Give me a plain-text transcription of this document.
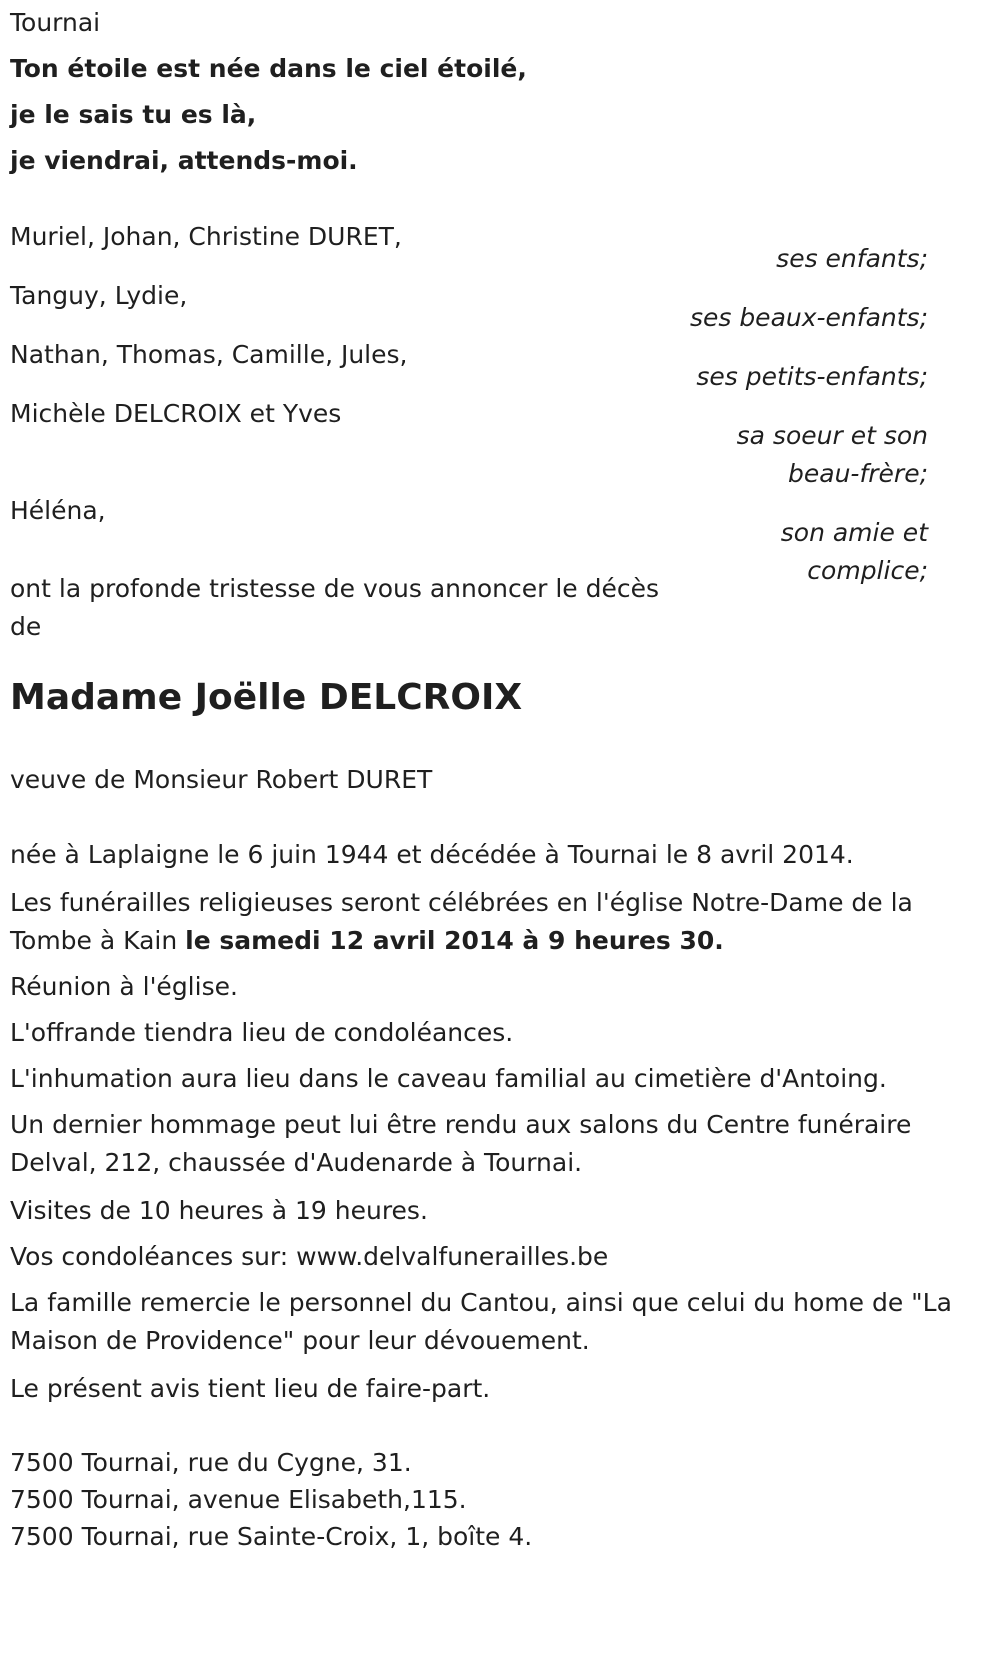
Tournai
Ton étoile est née dans le ciel étoilé,
je le sais tu es là,
je viendrai, attends-moi.
Muriel, Johan, Christine DURET,
ses enfants;
Tanguy, Lydie,
ses beaux-enfants;
Nathan, Thomas, Camille, Jules,
ses petits-enfants;
Michèle DELCROIX et Yves
sa soeur et son
beau-frère;
Héléna,
son amie et
complice;
ont la profonde tristesse de vous annoncer le décès
de
Madame Joëlle DELCROIX
veuve de Monsieur Robert DURET
née à Laplaigne le 6 juin 1944 et décédée à Tournai le 8 avril 2014.
Les funérailles religieuses seront célébrées en l'église Notre-Dame de la Tombe à Kain le samedi 12 avril 2014 à 9 heures 30.
Réunion à l'église.
L'offrande tiendra lieu de condoléances.
L'inhumation aura lieu dans le caveau familial au cimetière d'Antoing.
Un dernier hommage peut lui être rendu aux salons du Centre funéraire Delval, 212, chaussée d'Audenarde à Tournai.
Visites de 10 heures à 19 heures.
Vos condoléances sur: www.delvalfunerailles.be
La famille remercie le personnel du Cantou, ainsi que celui du home de "La Maison de Providence" pour leur dévouement.
Le présent avis tient lieu de faire-part.
7500 Tournai, rue du Cygne, 31.
7500 Tournai, avenue Elisabeth,115.
7500 Tournai, rue Sainte-Croix, 1, boîte 4.
